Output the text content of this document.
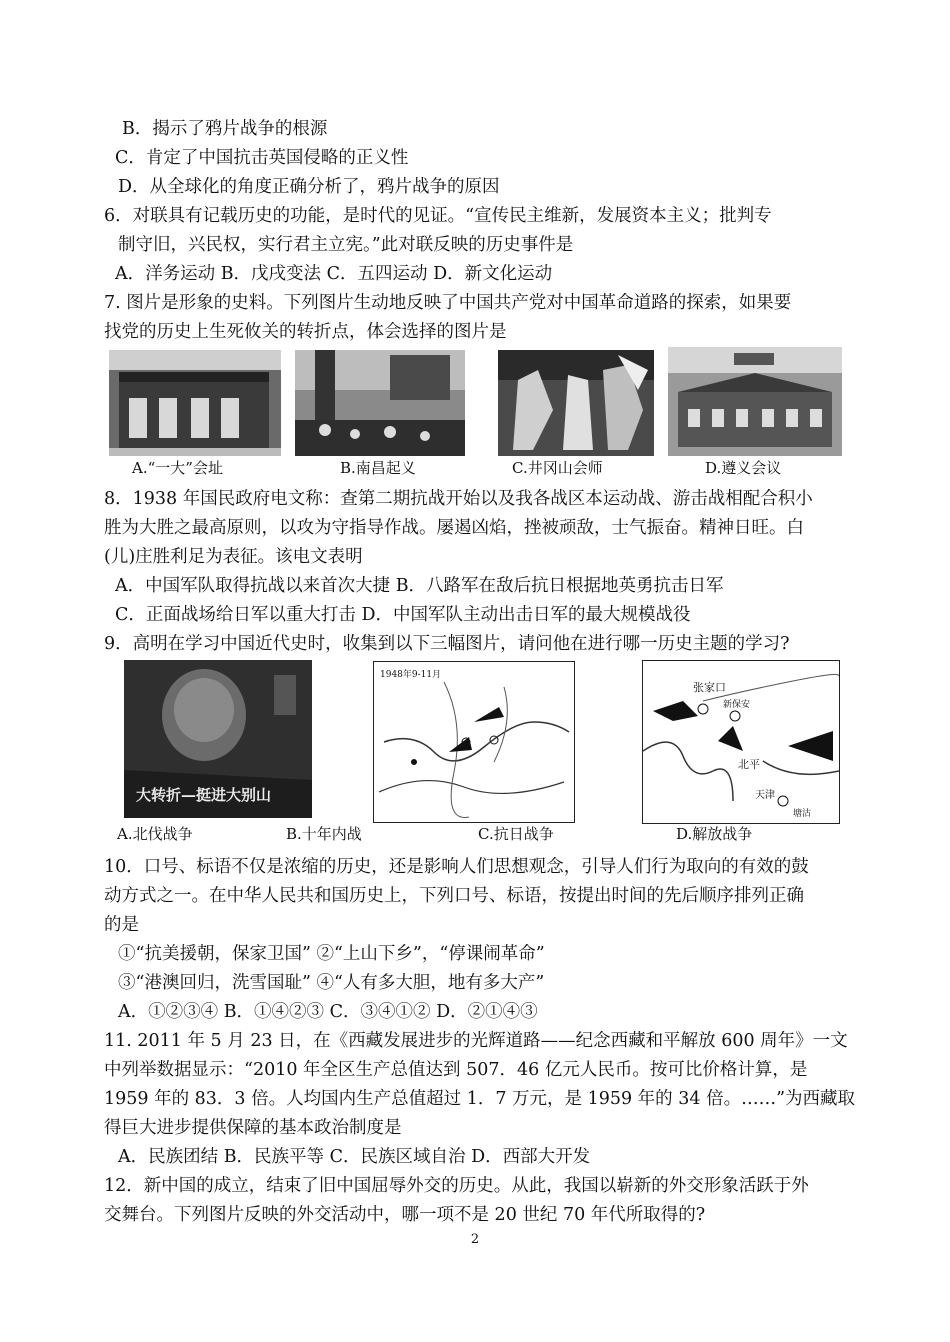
B．揭示了鸦片战争的根源
C．肯定了中国抗击英国侵略的正义性
D．从全球化的角度正确分析了，鸦片战争的原因
6．对联具有记载历史的功能，是时代的见证。“宣传民主维新，发展资本主义；批判专
制守旧，兴民权，实行君主立宪。”此对联反映的历史事件是
A．洋务运动 B．戊戌变法 C．五四运动 D．新文化运动
7. 图片是形象的史料。下列图片生动地反映了中国共产党对中国革命道路的探索，如果要
找党的历史上生死攸关的转折点，体会选择的图片是
A.“一大”会址	B.南昌起义	C.井冈山会师	D.遵义会议
8．1938 年国民政府电文称：查第二期抗战开始以及我各战区本运动战、游击战相配合积小
胜为大胜之最高原则，以攻为守指导作战。屡遏凶焰，挫被顽敌，士气振奋。精神日旺。白
(儿)庄胜利足为表征。该电文表明
A．中国军队取得抗战以来首次大捷 B．八路军在敌后抗日根据地英勇抗击日军
C．正面战场给日军以重大打击 D．中国军队主动出击日军的最大规模战役
9．高明在学习中国近代史时，收集到以下三幅图片，请问他在进行哪一历史主题的学习?
大转折—挺进大别山
1948年9-11月
张家口
新保安
北平
天津
塘沽
A.北伐战争	B.十年内战	C.抗日战争	D.解放战争
10．口号、标语不仅是浓缩的历史，还是影响人们思想观念，引导人们行为取向的有效的鼓
动方式之一。在中华人民共和国历史上，下列口号、标语，按提出时间的先后顺序排列正确
的是
①“抗美援朝，保家卫国” ②“上山下乡”，“停课闹革命”
③“港澳回归，洗雪国耻” ④“人有多大胆，地有多大产”
A．①②③④ B．①④②③ C．③④①② D．②①④③
11. 2011 年 5 月 23 日，在《西藏发展进步的光辉道路——纪念西藏和平解放 600 周年》一文
中列举数据显示：“2010 年全区生产总值达到 507．46 亿元人民币。按可比价格计算，是
1959 年的 83．3 倍。人均国内生产总值超过 1．7 万元，是 1959 年的 34 倍。……”为西藏取
得巨大进步提供保障的基本政治制度是
A．民族团结 B．民族平等 C．民族区域自治 D．西部大开发
12．新中国的成立，结束了旧中国屈辱外交的历史。从此，我国以崭新的外交形象活跃于外
交舞台。下列图片反映的外交活动中，哪一项不是 20 世纪 70 年代所取得的?
2
